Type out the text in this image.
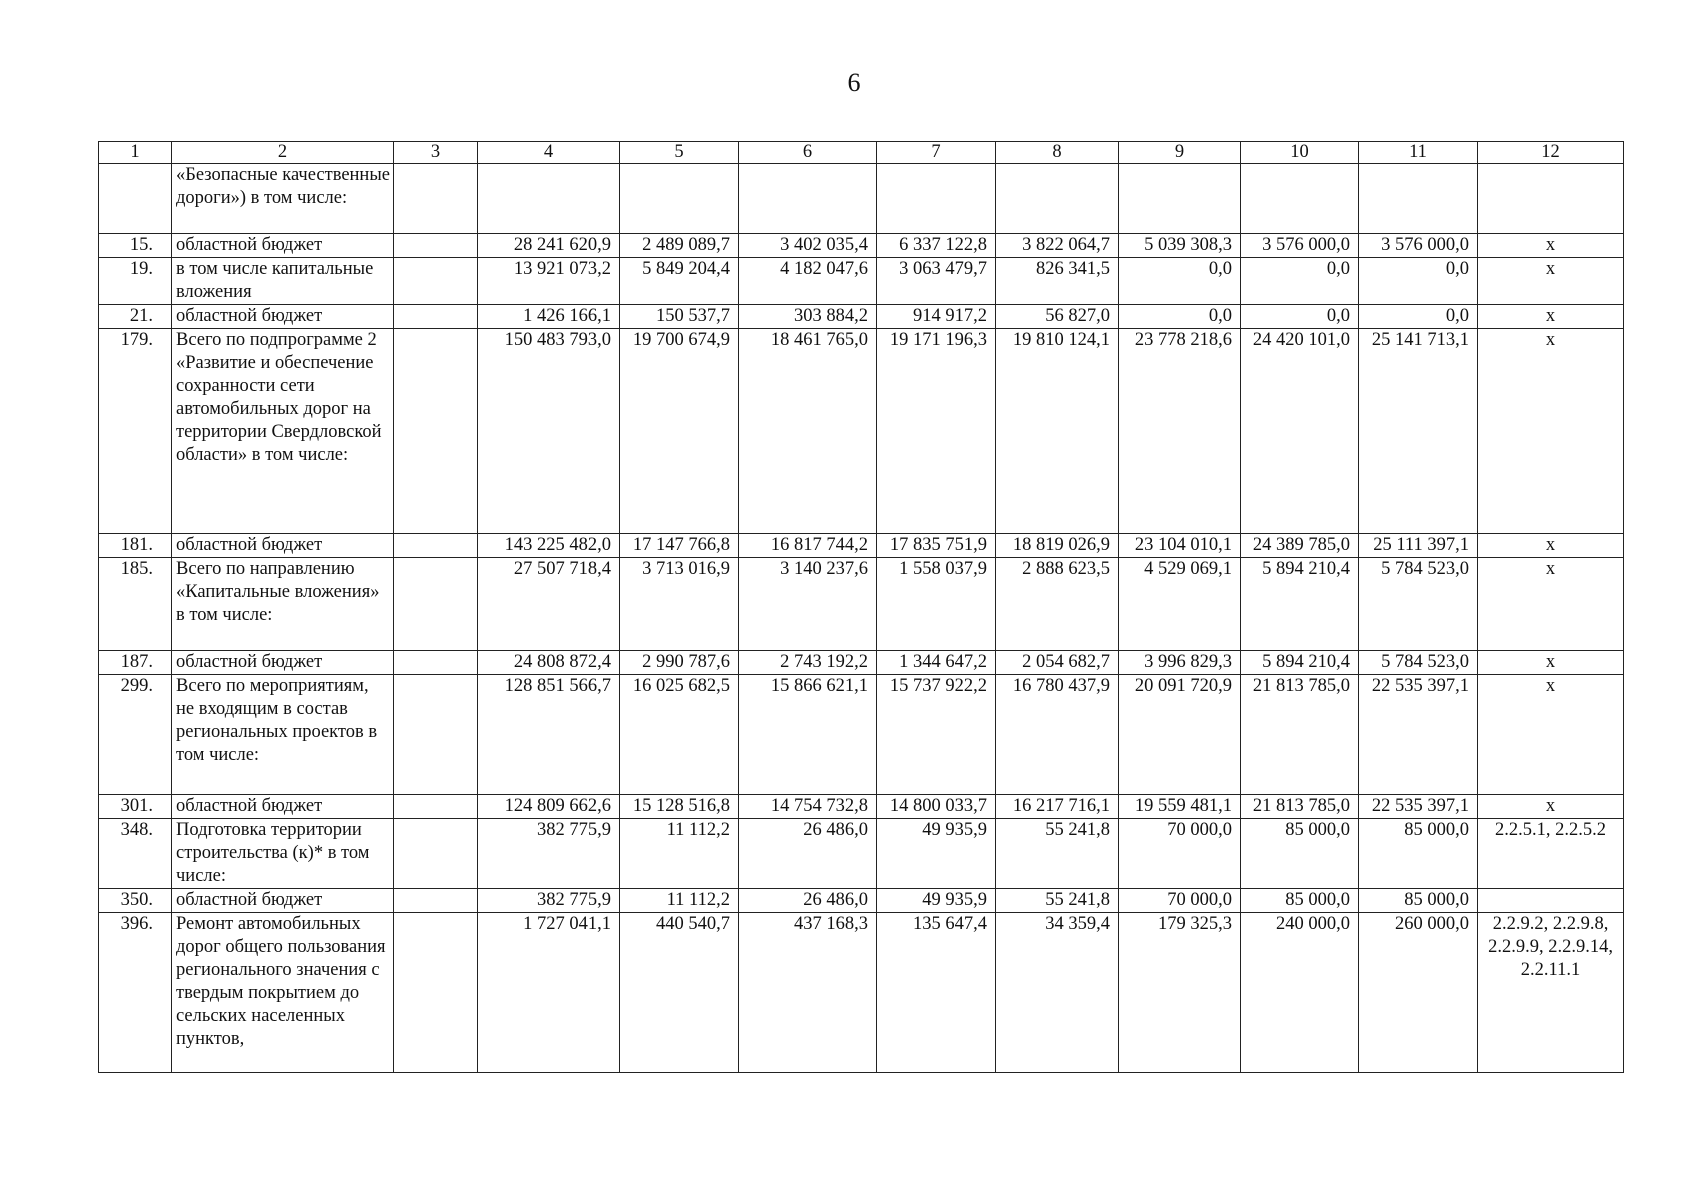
6
1	2	3	4	5	6	7	8	9	10	11	12
	«Безопасные качественные дороги») в том числе:										
15.	областной бюджет		28 241 620,9	2 489 089,7	3 402 035,4	6 337 122,8	3 822 064,7	5 039 308,3	3 576 000,0	3 576 000,0	х
19.	в том числе капитальные вложения		13 921 073,2	5 849 204,4	4 182 047,6	3 063 479,7	826 341,5	0,0	0,0	0,0	х
21.	областной бюджет		1 426 166,1	150 537,7	303 884,2	914 917,2	56 827,0	0,0	0,0	0,0	х
179.	Всего по подпрограмме 2 «Развитие и обеспечение сохранности сети автомобильных дорог на территории Свердловской области» в том числе:		150 483 793,0	19 700 674,9	18 461 765,0	19 171 196,3	19 810 124,1	23 778 218,6	24 420 101,0	25 141 713,1	х
181.	областной бюджет		143 225 482,0	17 147 766,8	16 817 744,2	17 835 751,9	18 819 026,9	23 104 010,1	24 389 785,0	25 111 397,1	х
185.	Всего по направлению «Капитальные вложения» в том числе:		27 507 718,4	3 713 016,9	3 140 237,6	1 558 037,9	2 888 623,5	4 529 069,1	5 894 210,4	5 784 523,0	х
187.	областной бюджет		24 808 872,4	2 990 787,6	2 743 192,2	1 344 647,2	2 054 682,7	3 996 829,3	5 894 210,4	5 784 523,0	х
299.	Всего по мероприятиям, не входящим в состав региональных проектов в том числе:		128 851 566,7	16 025 682,5	15 866 621,1	15 737 922,2	16 780 437,9	20 091 720,9	21 813 785,0	22 535 397,1	х
301.	областной бюджет		124 809 662,6	15 128 516,8	14 754 732,8	14 800 033,7	16 217 716,1	19 559 481,1	21 813 785,0	22 535 397,1	х
348.	Подготовка территории строительства (к)* в том числе:		382 775,9	11 112,2	26 486,0	49 935,9	55 241,8	70 000,0	85 000,0	85 000,0	2.2.5.1, 2.2.5.2
350.	областной бюджет		382 775,9	11 112,2	26 486,0	49 935,9	55 241,8	70 000,0	85 000,0	85 000,0	
396.	Ремонт автомобильных дорог общего пользования регионального значения с твердым покрытием до сельских населенных пунктов,		1 727 041,1	440 540,7	437 168,3	135 647,4	34 359,4	179 325,3	240 000,0	260 000,0	2.2.9.2, 2.2.9.8, 2.2.9.9, 2.2.9.14, 2.2.11.1
